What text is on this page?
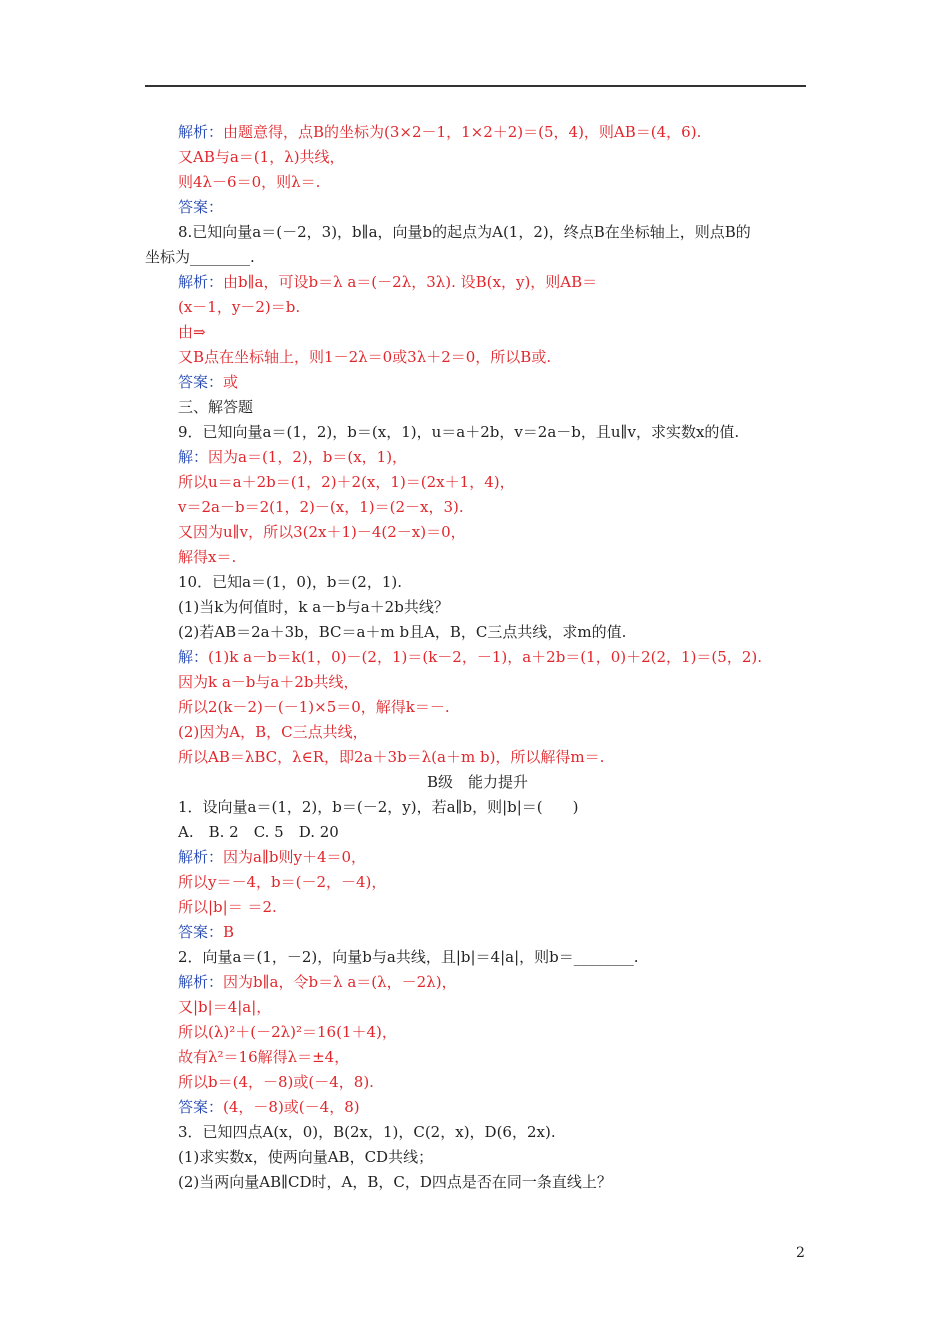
解析：由题意得，点B的坐标为(3×2－1，1×2＋2)＝(5，4)，则AB＝(4，6).
又AB与a＝(1，λ)共线，
则4λ－6＝0，则λ＝.
答案：
8.已知向量a＝(－2，3)，b∥a，向量b的起点为A(1，2)，终点B在坐标轴上，则点B的
坐标为________.
解析：由b∥a，可设b＝λ a＝(－2λ，3λ). 设B(x，y)，则AB＝
(x－1，y－2)＝b.
由⇒
又B点在坐标轴上，则1－2λ＝0或3λ＋2＝0，所以B或.
答案：或
三、解答题
9．已知向量a＝(1，2)，b＝(x，1)，u＝a＋2b，v＝2a－b，且u∥v，求实数x的值.
解：因为a＝(1，2)，b＝(x，1)，
所以u＝a＋2b＝(1，2)＋2(x，1)＝(2x＋1，4)，
v＝2a－b＝2(1，2)－(x，1)＝(2－x，3).
又因为u∥v，所以3(2x＋1)－4(2－x)＝0，
解得x＝.
10．已知a＝(1，0)，b＝(2，1).
(1)当k为何值时，k a－b与a＋2b共线？
(2)若AB＝2a＋3b，BC＝a＋m b且A，B，C三点共线，求m的值.
解：(1)k a－b＝k(1，0)－(2，1)＝(k－2，－1)，a＋2b＝(1，0)＋2(2，1)＝(5，2).
因为k a－b与a＋2b共线，
所以2(k－2)－(－1)×5＝0，解得k＝－.
(2)因为A，B，C三点共线，
所以AB＝λBC，λ∈R，即2a＋3b＝λ(a＋m b)，所以解得m＝.
B级　能力提升
1．设向量a＝(1，2)，b＝(－2，y)，若a∥b，则|b|＝(　　)
A.　B. 2　C. 5　D. 20
解析：因为a∥b则y＋4＝0，
所以y＝－4，b＝(－2，－4)，
所以|b|＝ ＝2.
答案：B
2．向量a＝(1，－2)，向量b与a共线，且|b|＝4|a|，则b＝________.
解析：因为b∥a，令b＝λ a＝(λ，－2λ)，
又|b|＝4|a|，
所以(λ)²＋(－2λ)²＝16(1＋4)，
故有λ²＝16解得λ＝±4，
所以b＝(4，－8)或(－4，8).
答案：(4，－8)或(－4，8)
3．已知四点A(x，0)，B(2x，1)，C(2，x)，D(6，2x).
(1)求实数x，使两向量AB，CD共线；
(2)当两向量AB∥CD时，A，B，C，D四点是否在同一条直线上？
2
